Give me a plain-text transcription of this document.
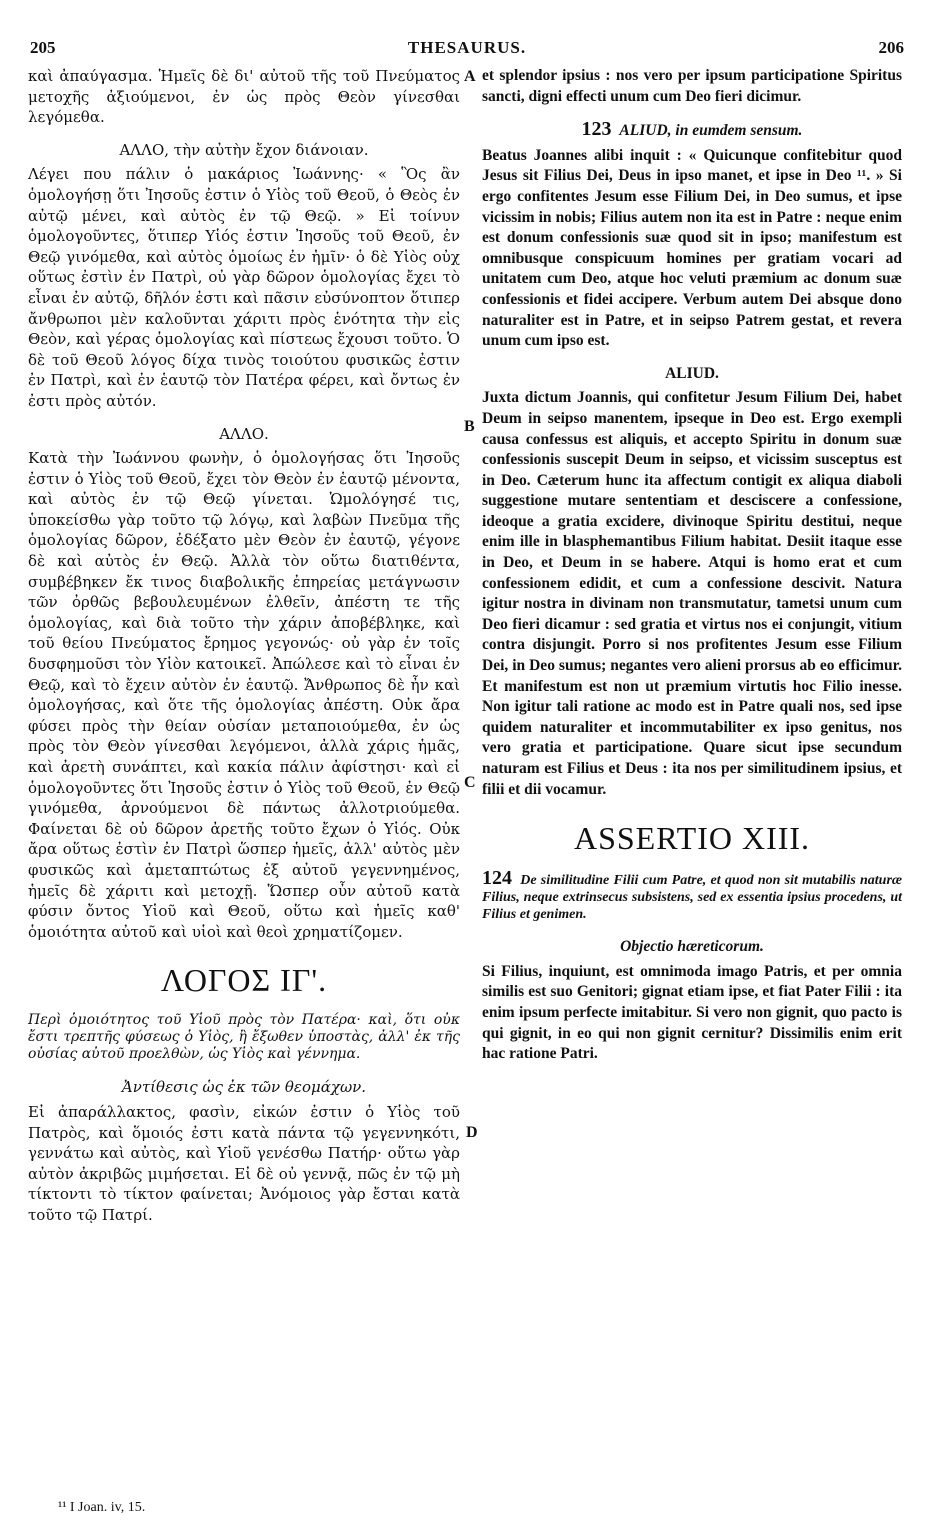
205	THESAURUS.	206
A
B
C
D

καὶ ἀπαύγασμα. Ἡμεῖς δὲ δι' αὐτοῦ τῆς τοῦ Πνεύματος μετοχῆς ἀξιούμενοι, ἐν ὡς πρὸς Θεὸν γίνεσθαι λεγόμεθα.

ΑΛΛΟ, τὴν αὐτὴν ἔχον διάνοιαν.

Λέγει που πάλιν ὁ μακάριος Ἰωάννης· « Ὃς ἂν ὁμολογήσῃ ὅτι Ἰησοῦς ἐστιν ὁ Υἱὸς τοῦ Θεοῦ, ὁ Θεὸς ἐν αὐτῷ μένει, καὶ αὐτὸς ἐν τῷ Θεῷ. » Εἰ τοίνυν ὁμολογοῦντες, ὅτιπερ Υἱός ἐστιν Ἰησοῦς τοῦ Θεοῦ, ἐν Θεῷ γινόμεθα, καὶ αὐτὸς ὁμοίως ἐν ἡμῖν· ὁ δὲ Υἱὸς οὐχ οὕτως ἐστὶν ἐν Πατρὶ, οὐ γὰρ δῶρον ὁμολογίας ἔχει τὸ εἶναι ἐν αὐτῷ, δῆλόν ἐστι καὶ πᾶσιν εὐσύνοπτον ὅτιπερ ἄνθρωποι μὲν καλοῦνται χάριτι πρὸς ἑνότητα τὴν εἰς Θεὸν, καὶ γέρας ὁμολογίας καὶ πίστεως ἔχουσι τοῦτο. Ὁ δὲ τοῦ Θεοῦ λόγος δίχα τινὸς τοιούτου φυσικῶς ἐστιν ἐν Πατρὶ, καὶ ἐν ἑαυτῷ τὸν Πατέρα φέρει, καὶ ὄντως ἐν ἐστι πρὸς αὐτόν.

ΑΛΛΟ.

Κατὰ τὴν Ἰωάννου φωνὴν, ὁ ὁμολογήσας ὅτι Ἰησοῦς ἐστιν ὁ Υἱὸς τοῦ Θεοῦ, ἔχει τὸν Θεὸν ἐν ἑαυτῷ μένοντα, καὶ αὐτὸς ἐν τῷ Θεῷ γίνεται. Ὡμολόγησέ τις, ὑποκείσθω γὰρ τοῦτο τῷ λόγῳ, καὶ λαβὼν Πνεῦμα τῆς ὁμολογίας δῶρον, ἐδέξατο μὲν Θεὸν ἐν ἑαυτῷ, γέγονε δὲ καὶ αὐτὸς ἐν Θεῷ. Ἀλλὰ τὸν οὕτω διατιθέντα, συμβέβηκεν ἔκ τινος διαβολικῆς ἐπηρείας μετάγνωσιν τῶν ὀρθῶς βεβουλευμένων ἐλθεῖν, ἀπέστη τε τῆς ὁμολογίας, καὶ διὰ τοῦτο τὴν χάριν ἀποβέβληκε, καὶ τοῦ θείου Πνεύματος ἔρημος γεγονώς· οὐ γὰρ ἐν τοῖς δυσφημοῦσι τὸν Υἱὸν κατοικεῖ. Ἀπώλεσε καὶ τὸ εἶναι ἐν Θεῷ, καὶ τὸ ἔχειν αὐτὸν ἐν ἑαυτῷ. Ἄνθρωπος δὲ ἦν καὶ ὁμολογήσας, καὶ ὅτε τῆς ὁμολογίας ἀπέστη. Οὐκ ἄρα φύσει πρὸς τὴν θείαν οὐσίαν μεταποιούμεθα, ἐν ὡς πρὸς τὸν Θεὸν γίνεσθαι λεγόμενοι, ἀλλὰ χάρις ἡμᾶς, καὶ ἀρετὴ συνάπτει, καὶ κακία πάλιν ἀφίστησι· καὶ εἰ ὁμολογοῦντες ὅτι Ἰησοῦς ἐστιν ὁ Υἱὸς τοῦ Θεοῦ, ἐν Θεῷ γινόμεθα, ἀρνούμενοι δὲ πάντως ἀλλοτριούμεθα. Φαίνεται δὲ οὐ δῶρον ἀρετῆς τοῦτο ἔχων ὁ Υἱός. Οὐκ ἄρα οὕτως ἐστὶν ἐν Πατρὶ ὥσπερ ἡμεῖς, ἀλλ' αὐτὸς μὲν φυσικῶς καὶ ἀμεταπτώτως ἐξ αὐτοῦ γεγεννημένος, ἡμεῖς δὲ χάριτι καὶ μετοχῇ. Ὥσπερ οὖν αὐτοῦ κατὰ φύσιν ὄντος Υἱοῦ καὶ Θεοῦ, οὕτω καὶ ἡμεῖς καθ' ὁμοιότητα αὐτοῦ καὶ υἱοὶ καὶ θεοὶ χρηματίζομεν.

ΛΟΓΟΣ ΙΓ'.

Περὶ ὁμοιότητος τοῦ Υἱοῦ πρὸς τὸν Πατέρα· καὶ, ὅτι οὐκ ἔστι τρεπτῆς φύσεως ὁ Υἱὸς, ἢ ἔξωθεν ὑποστὰς, ἀλλ' ἐκ τῆς οὐσίας αὐτοῦ προελθὼν, ὡς Υἱὸς καὶ γέννημα.

Ἀντίθεσις ὡς ἐκ τῶν θεομάχων.

Εἰ ἀπαράλλακτος, φασὶν, εἰκών ἐστιν ὁ Υἱὸς τοῦ Πατρὸς, καὶ ὅμοιός ἐστι κατὰ πάντα τῷ γεγεννηκότι, γεννάτω καὶ αὐτὸς, καὶ Υἱοῦ γενέσθω Πατήρ· οὕτω γὰρ αὐτὸν ἀκριβῶς μιμήσεται. Εἰ δὲ οὐ γεννᾷ, πῶς ἐν τῷ μὴ τίκτοντι τὸ τίκτον φαίνεται; Ἀνόμοιος γὰρ ἔσται κατὰ τοῦτο τῷ Πατρί.

et splendor ipsius : nos vero per ipsum participatione Spiritus sancti, digni effecti unum cum Deo fieri dicimur.

123 ALIUD, in eumdem sensum.

Beatus Joannes alibi inquit : « Quicunque confitebitur quod Jesus sit Filius Dei, Deus in ipso manet, et ipse in Deo ¹¹. » Si ergo confitentes Jesum esse Filium Dei, in Deo sumus, et ipse vicissim in nobis; Filius autem non ita est in Patre : neque enim est donum confessionis suæ quod sit in ipso; manifestum est omnibusque conspicuum homines per gratiam vocari ad unitatem cum Deo, atque hoc veluti præmium ac donum suæ confessionis et fidei accipere. Verbum autem Dei absque dono naturaliter est in Patre, et in seipso Patrem gestat, et revera unum cum ipso est.

ALIUD.

Juxta dictum Joannis, qui confitetur Jesum Filium Dei, habet Deum in seipso manentem, ipseque in Deo est. Ergo exempli causa confessus est aliquis, et accepto Spiritu in donum suæ confessionis suscepit Deum in seipso, et vicissim susceptus est in Deo. Cæterum hunc ita affectum contigit ex aliqua diaboli suggestione mutare sententiam et desciscere a confessione, ideoque a gratia excidere, divinoque Spiritu destitui, neque enim ille in blasphemantibus Filium habitat. Desiit itaque esse in Deo, et Deum in se habere. Atqui is homo erat et cum confessionem edidit, et cum a confessione descivit. Natura igitur nostra in divinam non transmutatur, tametsi unum cum Deo fieri dicamur : sed gratia et virtus nos ei conjungit, vitium contra disjungit. Porro si nos profitentes Jesum esse Filium Dei, in Deo sumus; negantes vero alieni prorsus ab eo efficimur. Et manifestum est non ut præmium virtutis hoc Filio inesse. Non igitur tali ratione ac modo est in Patre quali nos, sed ipse quidem naturaliter et incommutabiliter ex ipso genitus, nos vero gratia et participatione. Quare sicut ipse secundum naturam est Filius et Deus : ita nos per similitudinem ipsius, et filii et dii vocamur.

ASSERTIO XIII.

124 De similitudine Filii cum Patre, et quod non sit mutabilis naturæ Filius, neque extrinsecus subsistens, sed ex essentia ipsius procedens, ut Filius et genimen.

Objectio hæreticorum.

Si Filius, inquiunt, est omnimoda imago Patris, et per omnia similis est suo Genitori; gignat etiam ipse, et fiat Pater Filii : ita enim ipsum perfecte imitabitur. Si vero non gignit, quo pacto is qui gignit, in eo qui non gignit cernitur? Dissimilis enim erit hac ratione Patri.

¹¹ I Joan. iv, 15.
